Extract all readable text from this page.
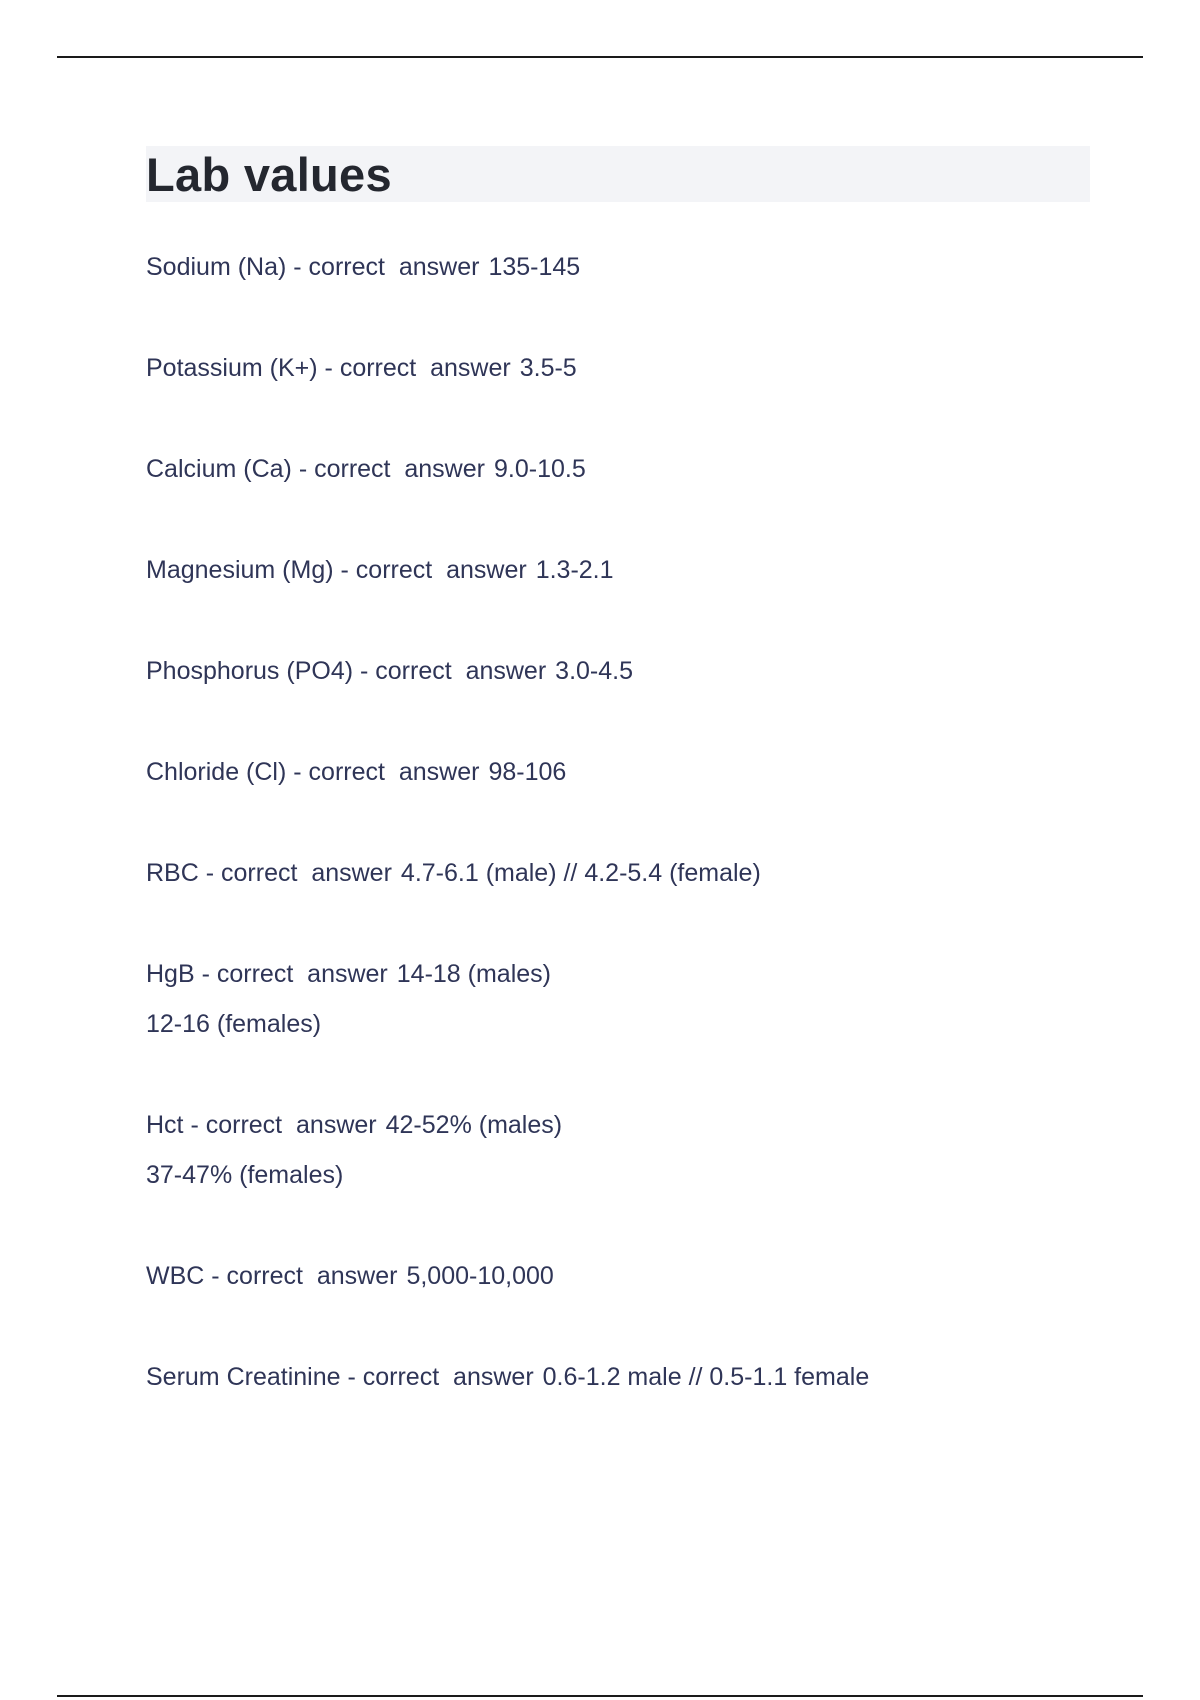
Lab values
Sodium (Na) - correct  answer 135-145
Potassium (K+) - correct  answer 3.5-5
Calcium (Ca) - correct  answer 9.0-10.5
Magnesium (Mg) - correct  answer 1.3-2.1
Phosphorus (PO4) - correct  answer 3.0-4.5
Chloride (Cl) - correct  answer 98-106
RBC - correct  answer 4.7-6.1 (male) // 4.2-5.4 (female)
HgB - correct  answer 14-18 (males)
12-16 (females)
Hct - correct  answer 42-52% (males)
37-47% (females)
WBC - correct  answer 5,000-10,000
Serum Creatinine - correct  answer 0.6-1.2 male // 0.5-1.1 female
